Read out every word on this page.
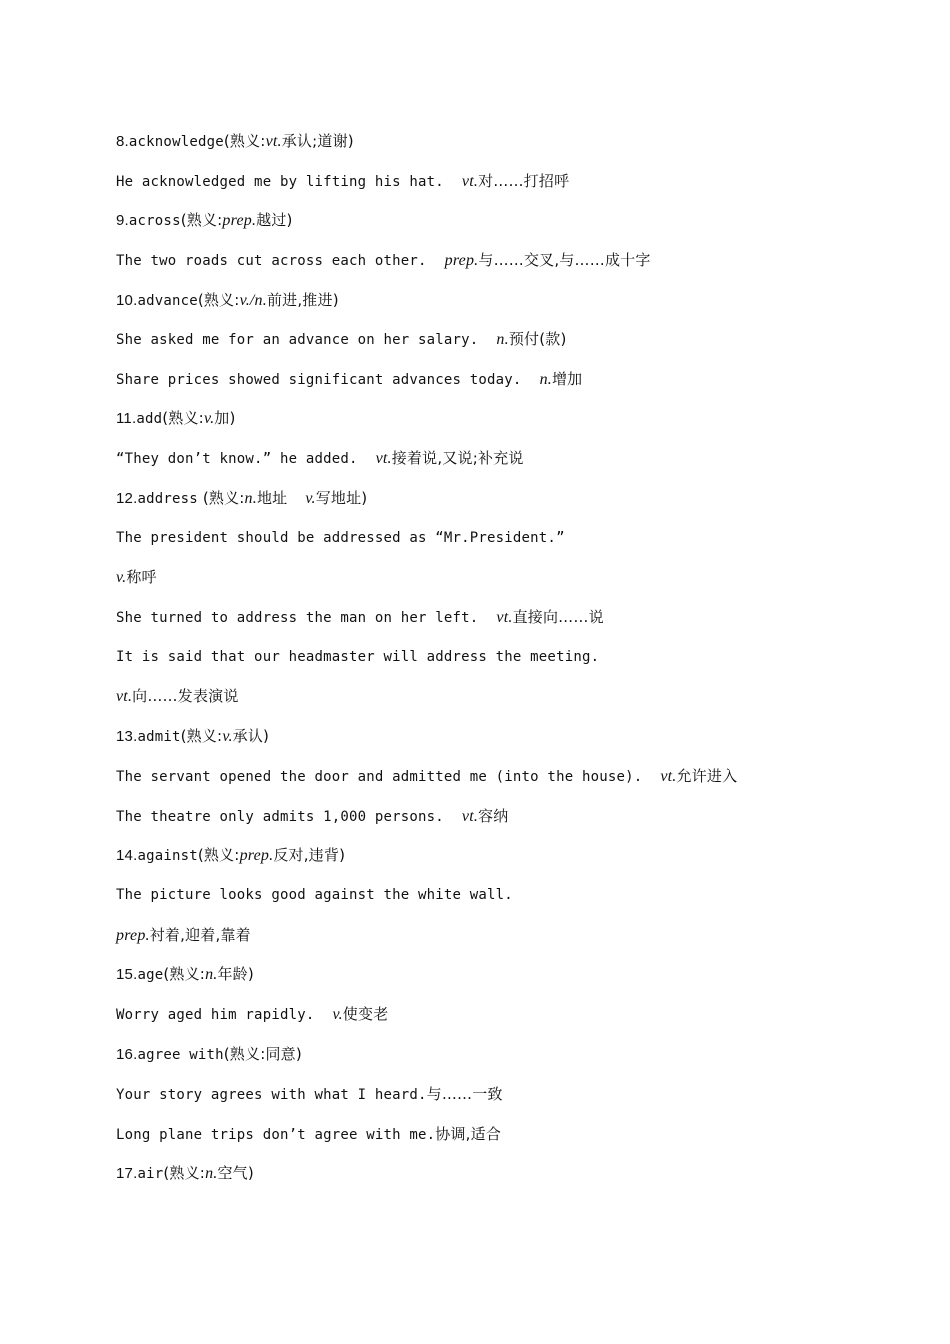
8.acknowledge(熟义:vt.承认;道谢)
He acknowledged me by lifting his hat. vt.对……打招呼
9.across(熟义:prep.越过)
The two roads cut across each other. prep.与……交叉,与……成十字
10.advance(熟义:v./n.前进,推进)
She asked me for an advance on her salary. n.预付(款)
Share prices showed significant advances today. n.增加
11.add(熟义:v.加)
“They don’t know.” he added. vt.接着说,又说;补充说
12.address (熟义:n.地址 v.写地址)
The president should be addressed as “Mr.President.”
v.称呼
She turned to address the man on her left. vt.直接向……说
It is said that our headmaster will address the meeting.
vt.向……发表演说
13.admit(熟义:v.承认)
The servant opened the door and admitted me (into the house). vt.允许进入
The theatre only admits 1,000 persons. vt.容纳
14.against(熟义:prep.反对,违背)
The picture looks good against the white wall.
prep.衬着,迎着,靠着
15.age(熟义:n.年龄)
Worry aged him rapidly. v.使变老
16.agree with(熟义:同意)
Your story agrees with what I heard.与……一致
Long plane trips don’t agree with me.协调,适合
17.air(熟义:n.空气)
